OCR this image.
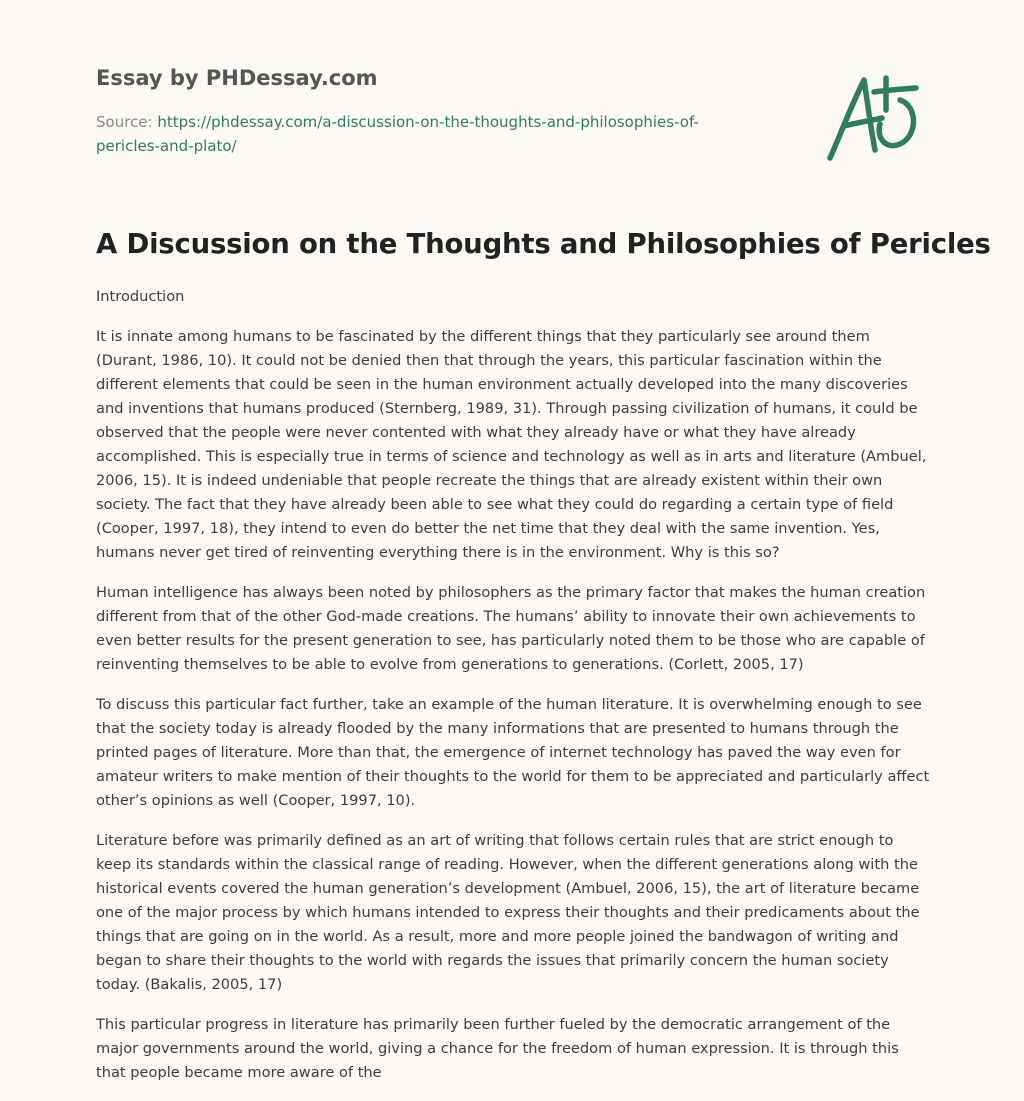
Essay by PHDessay.com
Source: https://phdessay.com/a-discussion-on-the-thoughts-and-philosophies-of-pericles-and-plato/
A Discussion on the Thoughts and Philosophies of Pericles

Introduction

It is innate among humans to be fascinated by the different things that they particularly see around them (Durant, 1986, 10). It could not be denied then that through the years, this particular fascination within the different elements that could be seen in the human environment actually developed into the many discoveries and inventions that humans produced (Sternberg, 1989, 31). Through passing civilization of humans, it could be observed that the people were never contented with what they already have or what they have already accomplished. This is especially true in terms of science and technology as well as in arts and literature (Ambuel, 2006, 15). It is indeed undeniable that people recreate the things that are already existent within their own society. The fact that they have already been able to see what they could do regarding a certain type of field (Cooper, 1997, 18), they intend to even do better the net time that they deal with the same invention. Yes, humans never get tired of reinventing everything there is in the environment. Why is this so?

Human intelligence has always been noted by philosophers as the primary factor that makes the human creation different from that of the other God-made creations. The humans’ ability to innovate their own achievements to even better results for the present generation to see, has particularly noted them to be those who are capable of reinventing themselves to be able to evolve from generations to generations. (Corlett, 2005, 17)

To discuss this particular fact further, take an example of the human literature. It is overwhelming enough to see that the society today is already flooded by the many informations that are presented to humans through the printed pages of literature. More than that, the emergence of internet technology has paved the way even for amateur writers to make mention of their thoughts to the world for them to be appreciated and particularly affect other’s opinions as well (Cooper, 1997, 10).

Literature before was primarily defined as an art of writing that follows certain rules that are strict enough to keep its standards within the classical range of reading. However, when the different generations along with the historical events covered the human generation’s development (Ambuel, 2006, 15), the art of literature became one of the major process by which humans intended to express their thoughts and their predicaments about the things that are going on in the world. As a result, more and more people joined the bandwagon of writing and began to share their thoughts to the world with regards the issues that primarily concern the human society today. (Bakalis, 2005, 17)

This particular progress in literature has primarily been further fueled by the democratic arrangement of the major governments around the world, giving a chance for the freedom of human expression. It is through this that people became more aware of the
